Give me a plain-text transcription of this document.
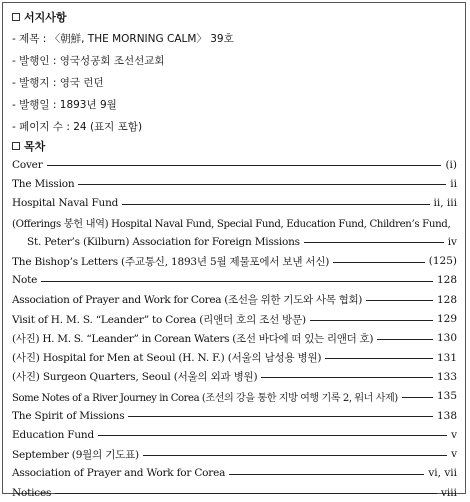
서지사항
- 제목 : 〈朝鮮, THE MORNING CALM〉 39호
- 발행인 : 영국성공회 조선선교회
- 발행지 : 영국 런던
- 발행일 : 1893년 9월
- 페이지 수 : 24 (표지 포함)
목차
Cover	(i)
The Mission	ii
Hospital Naval Fund	ii, iii
(Offerings 봉헌 내역) Hospital Naval Fund, Special Fund, Education Fund, Children’s Fund,
St. Peter’s (Kilburn) Association for Foreign Missions	iv
The Bishop’s Letters (주교통신, 1893년 5월 제물포에서 보낸 서신)	(125)
Note	128
Association of Prayer and Work for Corea (조선을 위한 기도와 사목 협회)	128
Visit of H. M. S. “Leander” to Corea (리앤더 호의 조선 방문)	129
(사진) H. M. S. “Leander” in Corean Waters (조선 바다에 떠 있는 리앤더 호)	130
(사진) Hospital for Men at Seoul (H. N. F.) (서울의 남성용 병원)	131
(사진) Surgeon Quarters, Seoul (서울의 외과 병원)	133
Some Notes of a River Journey in Corea (조선의 강을 통한 지방 여행 기록 2, 워너 사제)	135
The Spirit of Missions	138
Education Fund	v
September (9월의 기도표)	v
Association of Prayer and Work for Corea	vi, vii
Notices	viii
